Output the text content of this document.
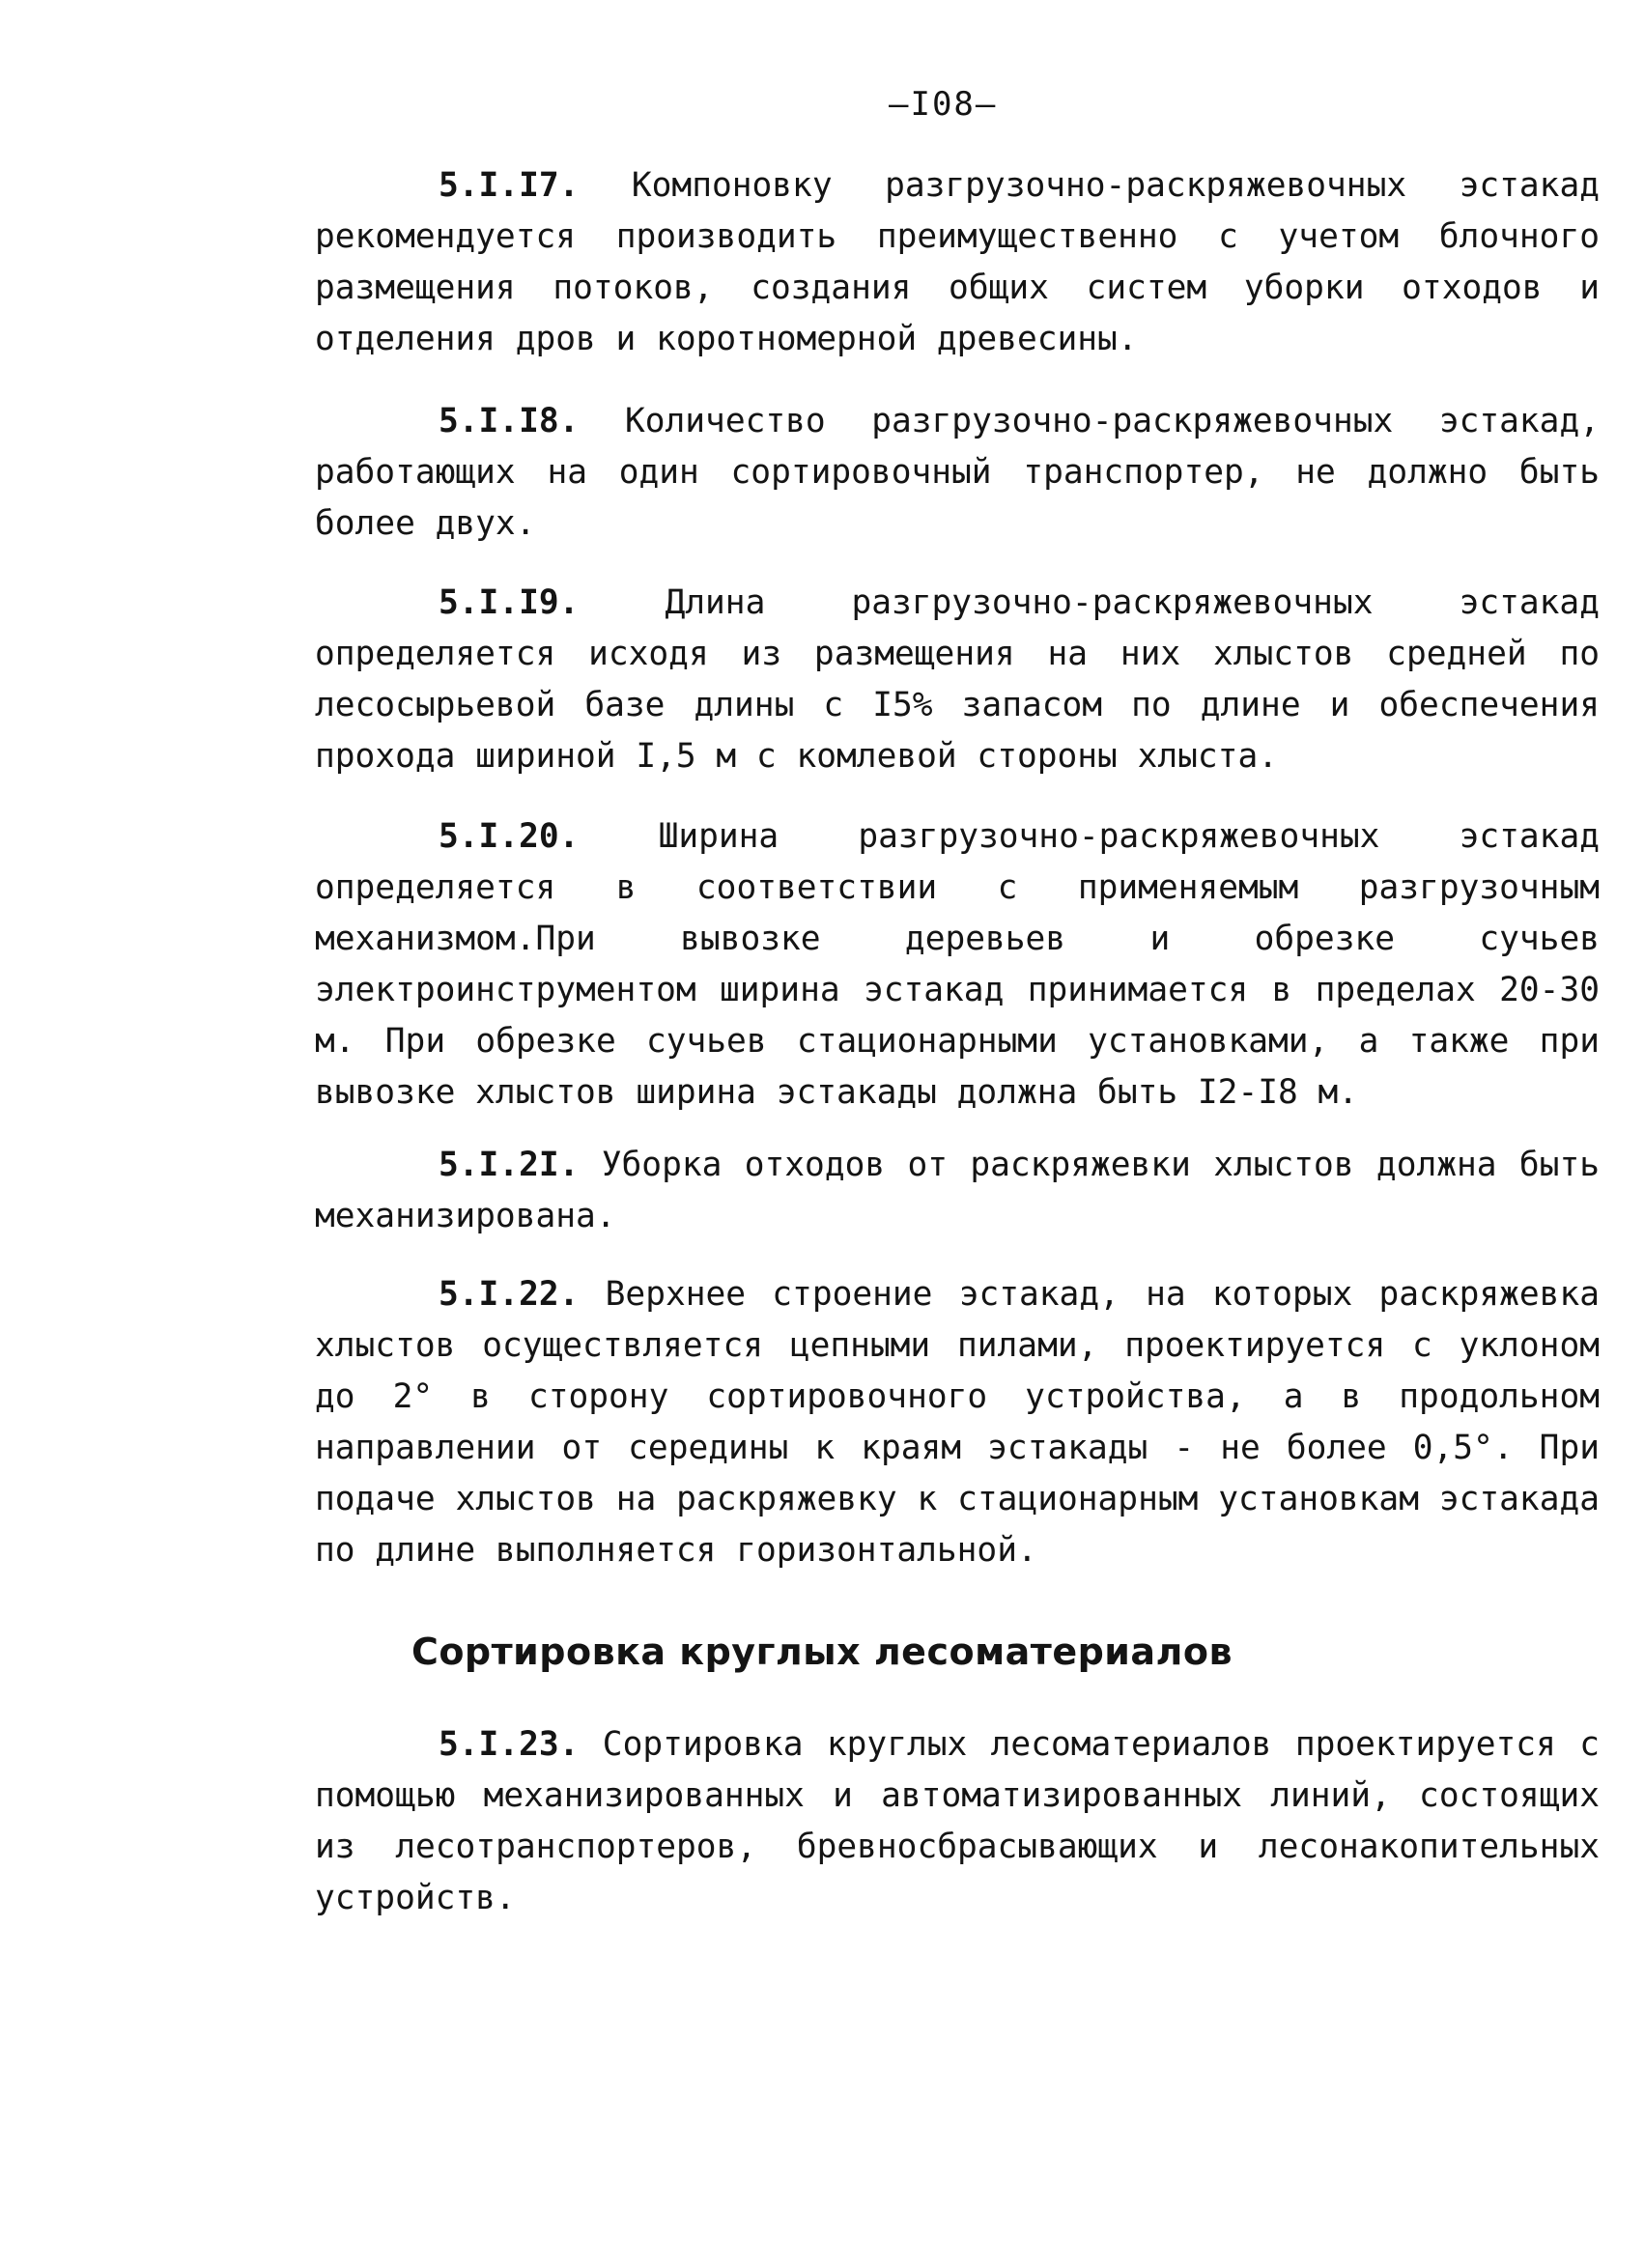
—I08—

5.I.I7. Компоновку разгрузочно-раскряжевочных эстакад рекомендуется производить преимущественно с учетом блочного размещения потоков, создания общих систем уборки отходов и отделения дров и коротномерной древесины.

5.I.I8. Количество разгрузочно-раскряжевочных эстакад, работающих на один сортировочный транспортер, не должно быть более двух.

5.I.I9.	Длина разгрузочно-раскряжевочных эстакад определяется исходя из размещения на них хлыстов средней по лесосырьевой базе длины с I5% запасом по длине и обеспечения прохода шириной I,5 м с комлевой стороны хлыста.

5.I.20. Ширина разгрузочно-раскряжевочных эстакад определяется в соответствии с применяемым разгрузочным механизмом.При вывозке деревьев и обрезке сучьев электроинструментом ширина эстакад принимается в пределах 20-30 м. При обрезке сучьев стационарными установками, а также при вывозке хлыстов ширина эстакады должна быть I2-I8 м.

5.I.2I. Уборка отходов от раскряжевки хлыстов должна быть механизирована.

5.I.22. Верхнее строение эстакад, на которых раскряжевка хлыстов осуществляется цепными пилами, проектируется с уклоном до 2° в сторону сортировочного устройства, а в продольном направлении от середины к краям эстакады - не более 0,5°. При подаче хлыстов на раскряжевку к стационарным установкам эстакада по длине выполняется горизонтальной.

Сортировка круглых лесоматериалов

5.I.23. Сортировка круглых лесоматериалов проектируется с помощью механизированных и автоматизированных линий, состоящих из лесотранспортеров, бревносбрасывающих и лесонакопительных устройств.
